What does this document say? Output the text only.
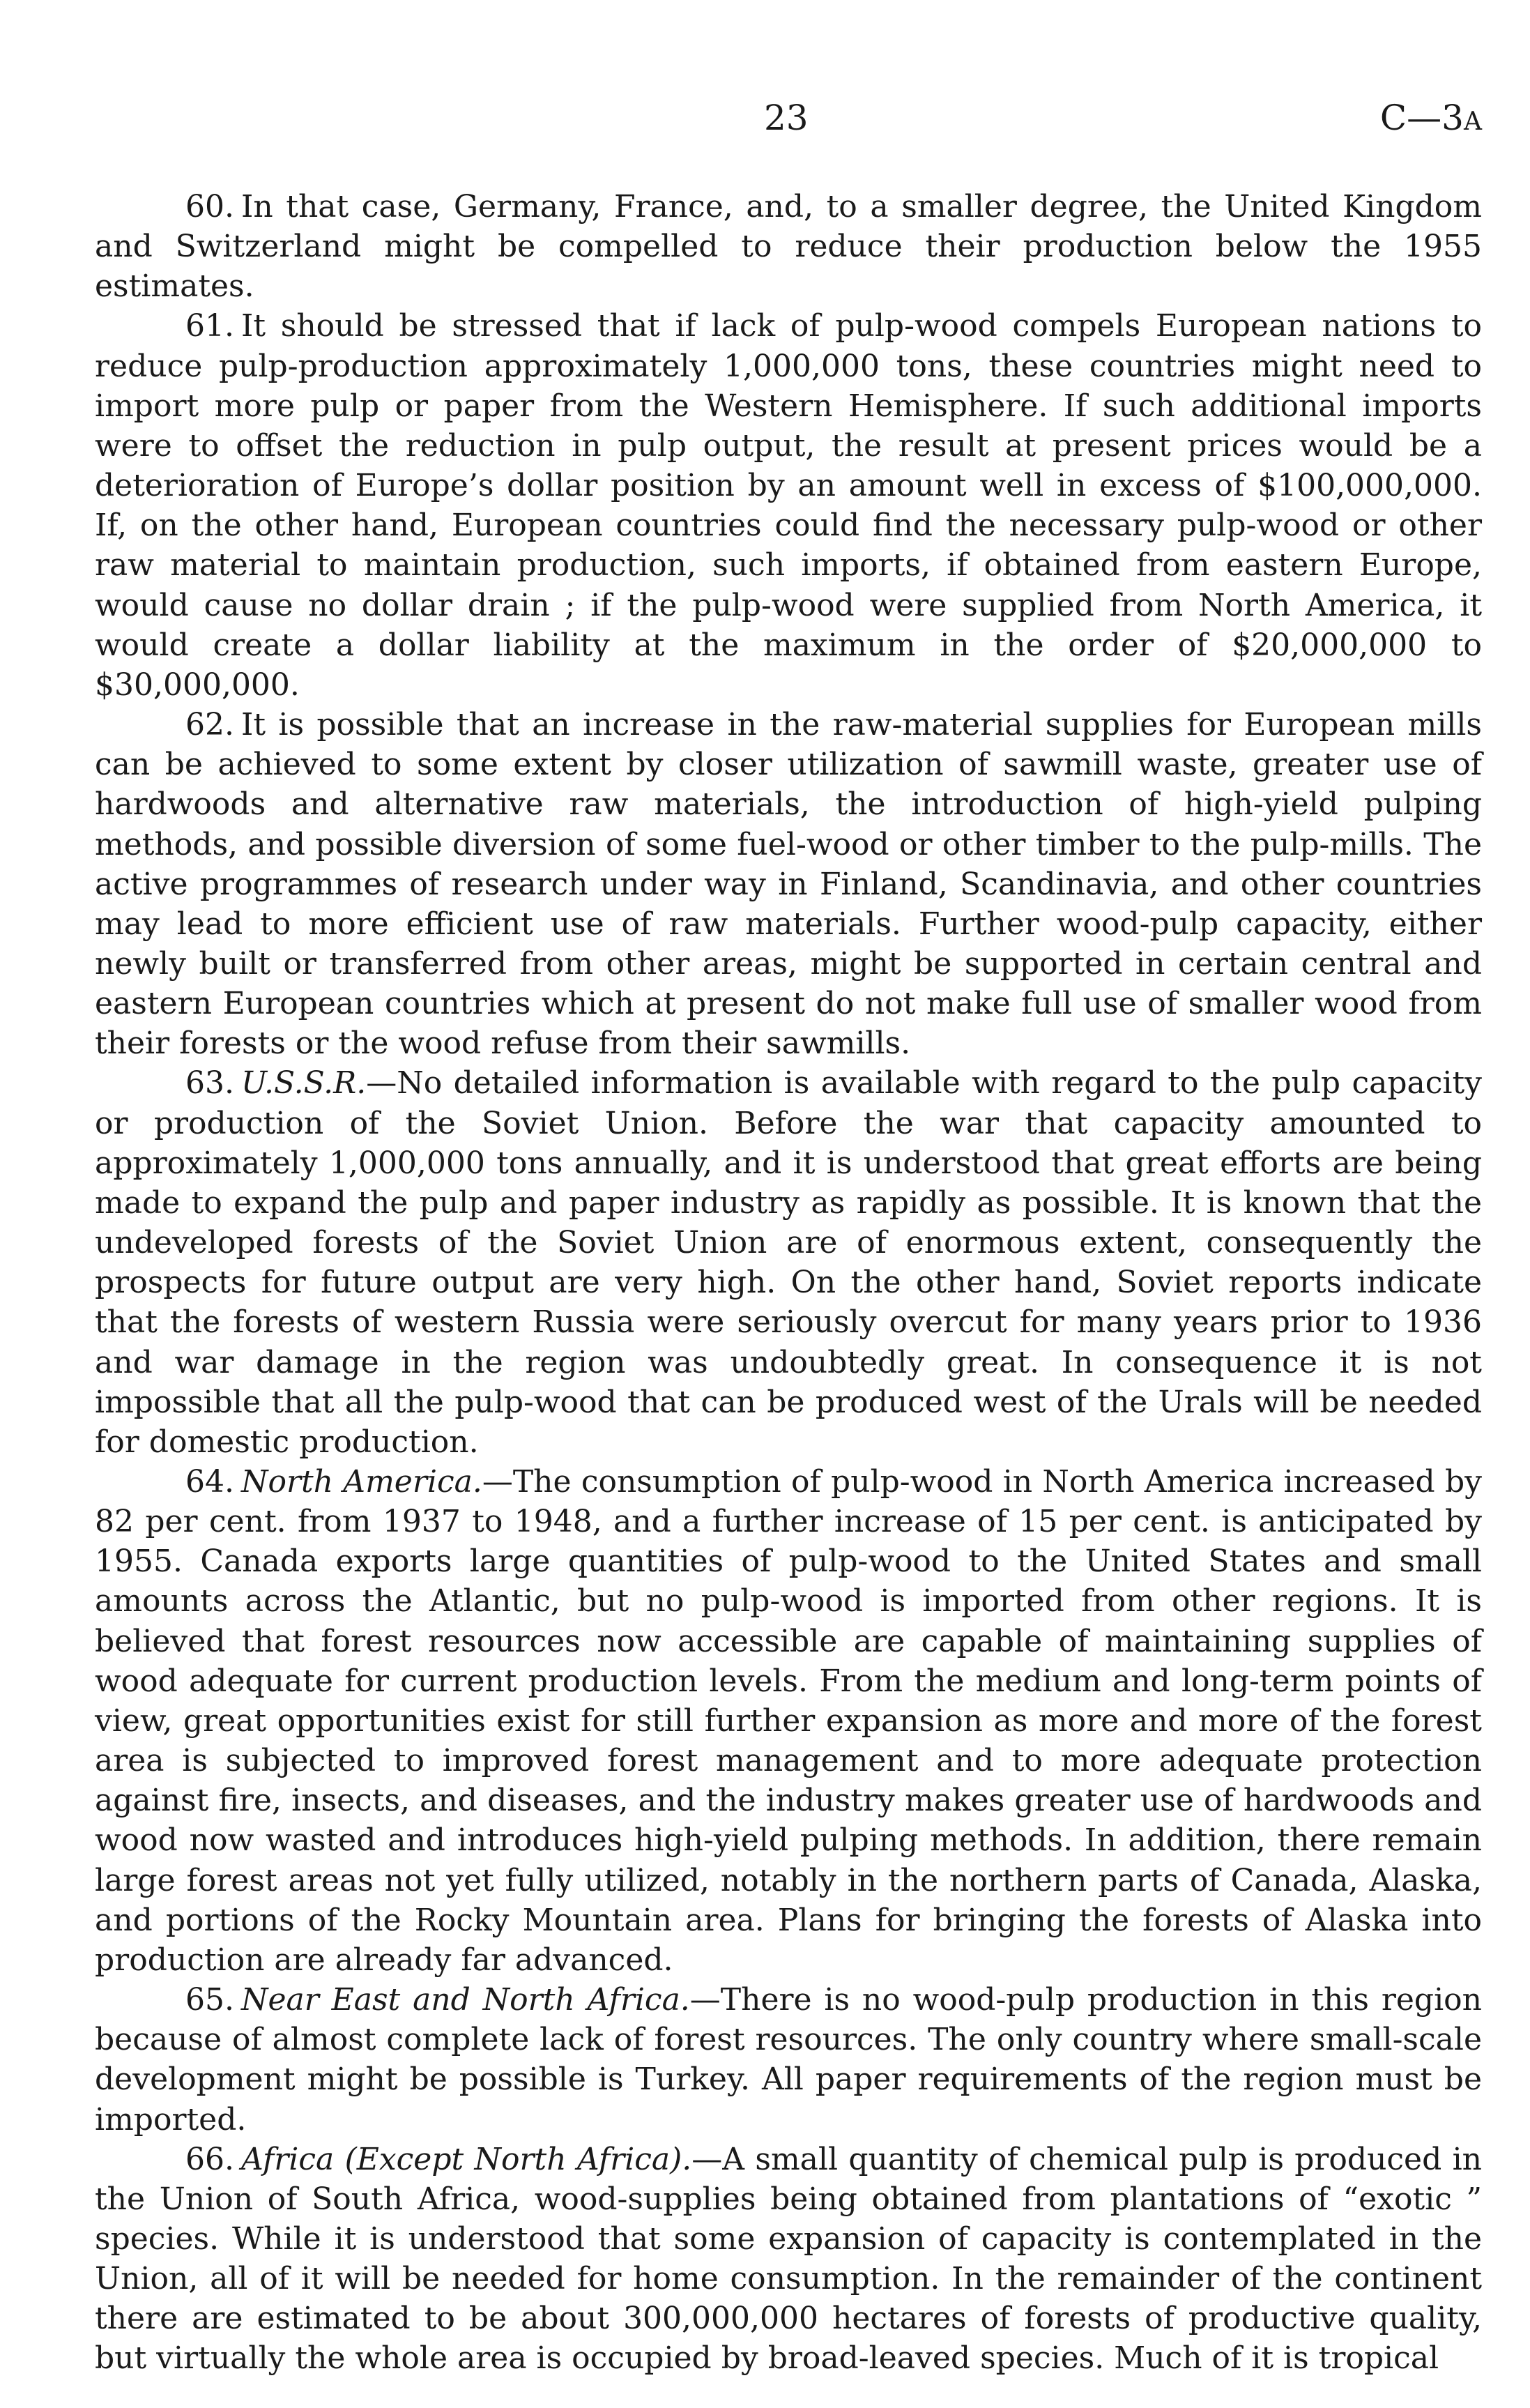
23	C—3A

60. In that case, Germany, France, and, to a smaller degree, the United Kingdom and Switzerland might be compelled to reduce their production below the 1955 estimates.

61. It should be stressed that if lack of pulp-wood compels European nations to reduce pulp-production approximately 1,000,000 tons, these countries might need to import more pulp or paper from the Western Hemisphere. If such additional imports were to offset the reduction in pulp output, the result at present prices would be a deterioration of Europe’s dollar position by an amount well in excess of $100,000,000. If, on the other hand, European countries could find the necessary pulp-wood or other raw material to maintain production, such imports, if obtained from eastern Europe, would cause no dollar drain ; if the pulp-wood were supplied from North America, it would create a dollar liability at the maximum in the order of $20,000,000 to $30,000,000.

62. It is possible that an increase in the raw-material supplies for European mills can be achieved to some extent by closer utilization of sawmill waste, greater use of hardwoods and alternative raw materials, the introduction of high-yield pulping methods, and possible diversion of some fuel-wood or other timber to the pulp-mills. The active programmes of research under way in Finland, Scandinavia, and other countries may lead to more efficient use of raw materials. Further wood-pulp capacity, either newly built or transferred from other areas, might be supported in certain central and eastern European countries which at present do not make full use of smaller wood from their forests or the wood refuse from their sawmills.

63. U.S.S.R.—No detailed information is available with regard to the pulp capacity or production of the Soviet Union. Before the war that capacity amounted to approximately 1,000,000 tons annually, and it is understood that great efforts are being made to expand the pulp and paper industry as rapidly as possible. It is known that the undeveloped forests of the Soviet Union are of enormous extent, consequently the prospects for future output are very high. On the other hand, Soviet reports indicate that the forests of western Russia were seriously overcut for many years prior to 1936 and war damage in the region was undoubtedly great. In consequence it is not impossible that all the pulp-wood that can be produced west of the Urals will be needed for domestic production.

64. North America.—The consumption of pulp-wood in North America increased by 82 per cent. from 1937 to 1948, and a further increase of 15 per cent. is anticipated by 1955. Canada exports large quantities of pulp-wood to the United States and small amounts across the Atlantic, but no pulp-wood is imported from other regions. It is believed that forest resources now accessible are capable of maintaining supplies of wood adequate for current production levels. From the medium and long-term points of view, great opportunities exist for still further expansion as more and more of the forest area is subjected to improved forest management and to more adequate protection against fire, insects, and diseases, and the industry makes greater use of hardwoods and wood now wasted and introduces high-yield pulping methods. In addition, there remain large forest areas not yet fully utilized, notably in the northern parts of Canada, Alaska, and portions of the Rocky Mountain area. Plans for bringing the forests of Alaska into production are already far advanced.

65. Near East and North Africa.—There is no wood-pulp production in this region because of almost complete lack of forest resources. The only country where small-scale development might be possible is Turkey. All paper requirements of the region must be imported.

66. Africa (Except North Africa).—A small quantity of chemical pulp is produced in the Union of South Africa, wood-supplies being obtained from plantations of “exotic ” species. While it is understood that some expansion of capacity is contemplated in the Union, all of it will be needed for home consumption. In the remainder of the continent there are estimated to be about 300,000,000 hectares of forests of productive quality, but virtually the whole area is occupied by broad-leaved species. Much of it is tropical
